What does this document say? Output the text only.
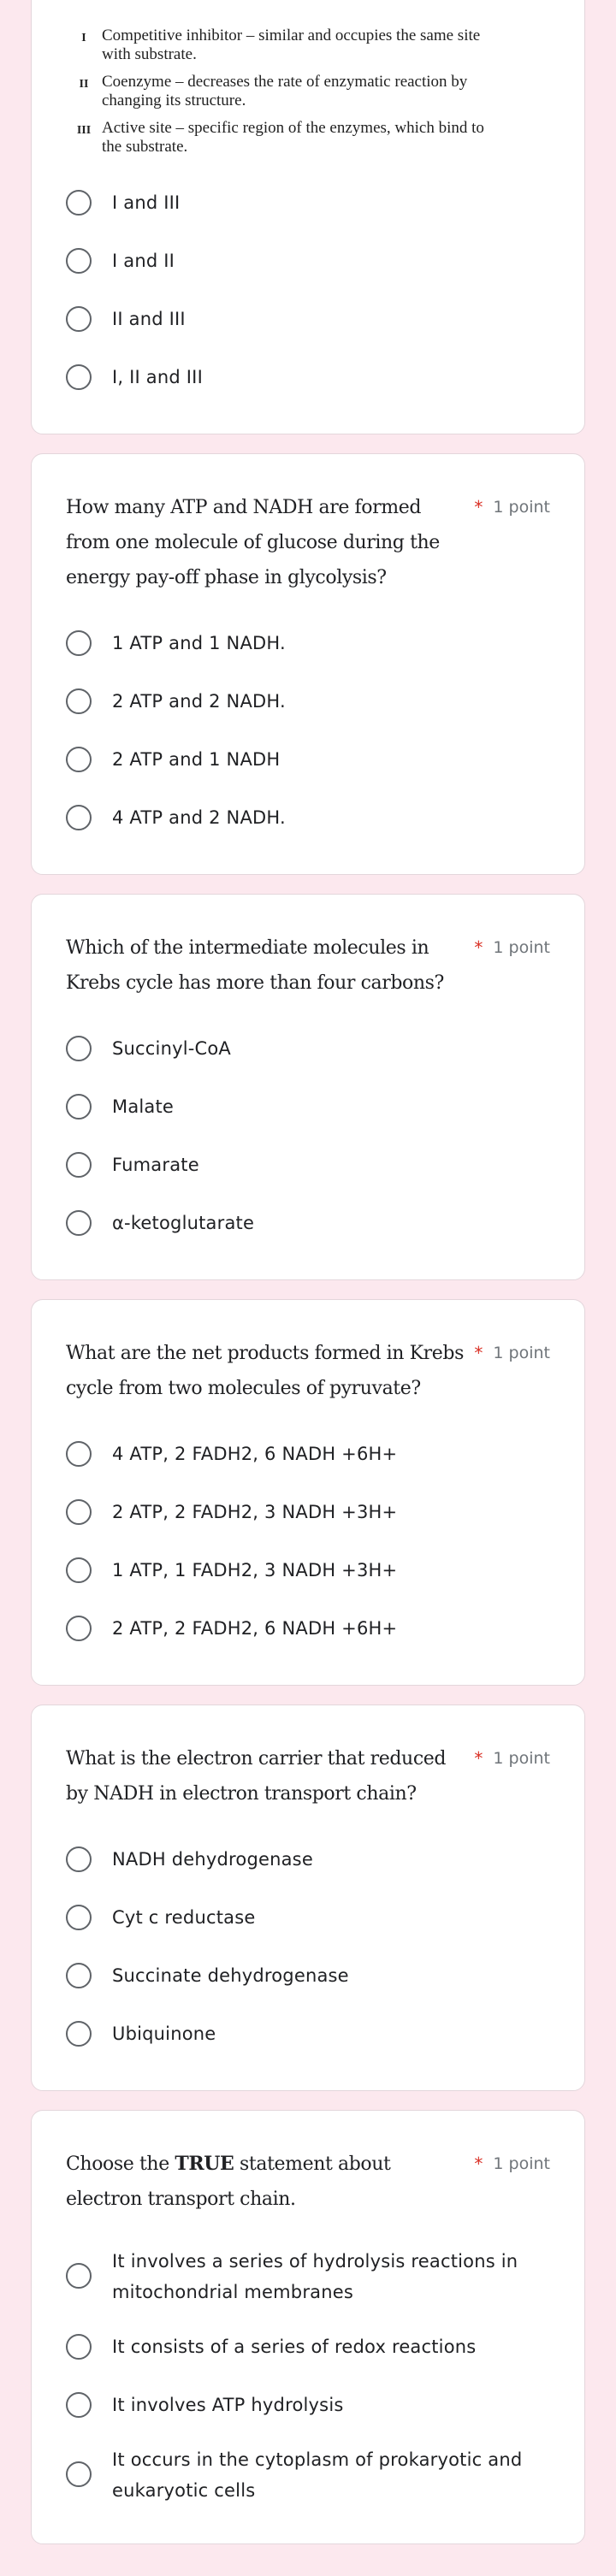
I Competitive inhibitor – similar and occupies the same site with substrate.
II Coenzyme – decreases the rate of enzymatic reaction by changing its structure.
III Active site – specific region of the enzymes, which bind to the substrate.
I and III
I and II
II and III
I, II and III
How many ATP and NADH are formed from one molecule of glucose during the energy pay-off phase in glycolysis?
* 1 point
1 ATP and 1 NADH.
2 ATP and 2 NADH.
2 ATP and 1 NADH
4 ATP and 2 NADH.
Which of the intermediate molecules in Krebs cycle has more than four carbons?
* 1 point
Succinyl-CoA
Malate
Fumarate
α-ketoglutarate
What are the net products formed in Krebs cycle from two molecules of pyruvate?
* 1 point
4 ATP, 2 FADH2, 6 NADH +6H+
2 ATP, 2 FADH2, 3 NADH +3H+
1 ATP, 1 FADH2, 3 NADH +3H+
2 ATP, 2 FADH2, 6 NADH +6H+
What is the electron carrier that reduced by NADH in electron transport chain?
* 1 point
NADH dehydrogenase
Cyt c reductase
Succinate dehydrogenase
Ubiquinone
Choose the TRUE statement about electron transport chain.
* 1 point
It involves a series of hydrolysis reactions in mitochondrial membranes
It consists of a series of redox reactions
It involves ATP hydrolysis
It occurs in the cytoplasm of prokaryotic and eukaryotic cells
